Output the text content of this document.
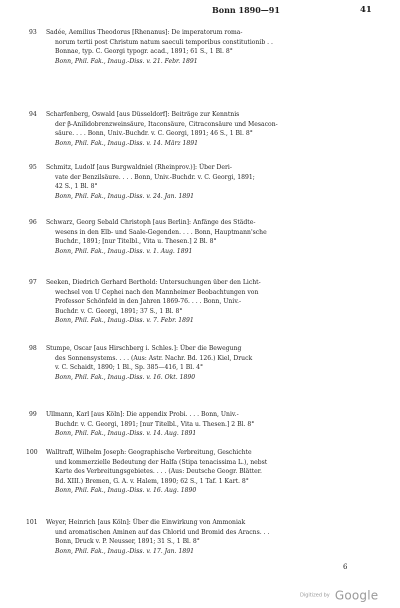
Bonn 1890—91	41
93	Sadée, Aemilius Theodorus [Rhenanus]: De imperatorum roma-
norum tertii post Christum natum saeculi temporibus constitutionib . .
Bonnae, typ. C. Georgi typogr. acad., 1891; 61 S., 1 Bl. 8°
Bonn, Phil. Fak., Inaug.-Diss. v. 21. Febr. 1891
94	Scharfenberg, Oswald [aus Düsseldorf]: Beiträge zur Kenntnis
der β-Anilidobrenzweinsäure, Itaconsäure, Citraconsäure und Mesacon-
säure. . . . Bonn, Univ.-Buchdr. v. C. Georgi, 1891; 46 S., 1 Bl. 8°
Bonn, Phil. Fak., Inaug.-Diss. v. 14. März 1891
95	Schmitz, Ludolf [aus Burgwaldniel (Rheinprov.)]: Über Deri-
vate der Benzilsäure. . . . Bonn, Univ.-Buchdr. v. C. Georgi, 1891;
42 S., 1 Bl. 8°
Bonn, Phil. Fak., Inaug.-Diss. v. 24. Jan. 1891
96	Schwarz, Georg Sebald Christoph [aus Berlin]: Anfänge des Städte-
wesens in den Elb- und Saale-Gegenden. . . . Bonn, Hauptmann'sche
Buchdr., 1891; [nur Titelbl., Vita u. Thesen.] 2 Bl. 8°
Bonn, Phil. Fak., Inaug.-Diss. v. 1. Aug. 1891
97	Seeken, Diedrich Gerhard Berthold: Untersuchungen über den Licht-
wechsel von U Cephei nach den Mannheimer Beobachtungen von
Professor Schönfeld in den Jahren 1869-76. . . . Bonn, Univ.-
Buchdr. v. C. Georgi, 1891; 37 S., 1 Bl. 8°
Bonn, Phil. Fak., Inaug.-Diss. v. 7. Febr. 1891
98	Stumpe, Oscar [aus Hirschberg i. Schles.]: Über die Bewegung
des Sonnensystems. . . . (Aus: Astr. Nachr. Bd. 126.) Kiel, Druck
v. C. Schaidt, 1890; 1 Bl., Sp. 385—416, 1 Bl. 4°
Bonn, Phil. Fak., Inaug.-Diss. v. 16. Okt. 1890
99	Ullmann, Karl [aus Köln]: Die appendix Probi. . . . Bonn, Univ.-
Buchdr. v. C. Georgi, 1891; [nur Titelbl., Vita u. Thesen.] 2 Bl. 8°
Bonn, Phil. Fak., Inaug.-Diss. v. 14. Aug. 1891
100 Walltraff, Wilhelm Joseph: Geographische Verbreitung, Geschichte
und kommerzielle Bedeutung der Halfa (Stipa tenacissima L.), nebst
Karte des Verbreitungsgebietes. . . . (Aus: Deutsche Geogr. Blätter.
Bd. XIII.) Bremen, G. A. v. Halem, 1890; 62 S., 1 Taf. 1 Kart. 8°
Bonn, Phil. Fak., Inaug.-Diss. v. 16. Aug. 1890
101 Weyer, Heinrich [aus Köln]: Über die Einwirkung von Ammoniak
und aromatischen Aminen auf das Chlorid und Bromid des Aracns. . .
Bonn, Druck v. P. Neusser, 1891; 31 S., 1 Bl. 8°
Bonn, Phil. Fak., Inaug.-Diss. v. 17. Jan. 1891
6
Digitized by Google
